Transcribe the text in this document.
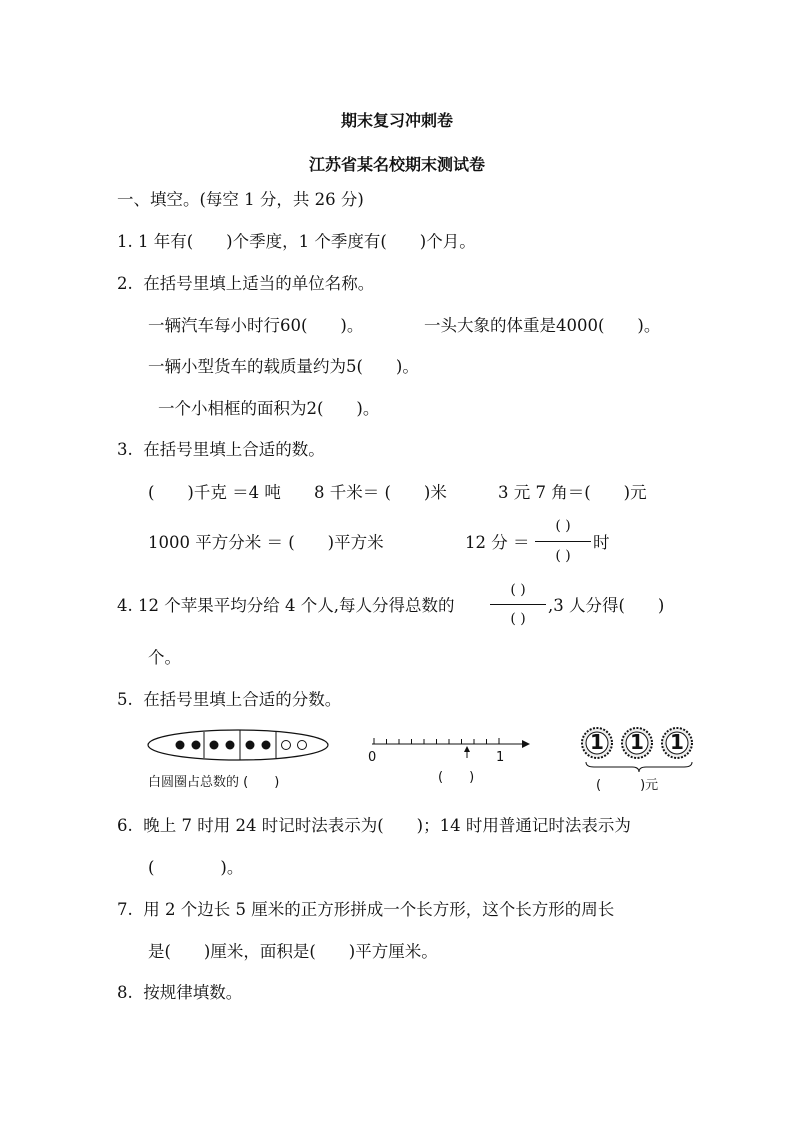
期末复习冲刺卷
江苏省某名校期末测试卷
一、填空。(每空 1 分，共 26 分)
1. 1 年有(　　)个季度，1 个季度有(　　)个月。
2.  在括号里填上适当的单位名称。
一辆汽车每小时行60(　　)。	一头大象的体重是4000(　　)。
一辆小型货车的载质量约为5(　　)。
一个小相框的面积为2(　　)。
3.  在括号里填上合适的数。
(　　)千克 ＝4 吨 8 千米＝ (　　)米	3 元 7 角＝(　　)元
1000 平方分米 ＝ (　　)平方米	12 分 ＝
( )
( )
时
4. 12 个苹果平均分给 4 个人,每人分得总数的
( )
( )
,3 人分得(　　)
个。
5.  在括号里填上合适的分数。
白圆圈占总数的 (　　)
0	1
(　　)
1 1 1
(　　　)元
6.  晚上 7 时用 24 时记时法表示为(　　)；14 时用普通记时法表示为
(　　　　)。
7.  用 2 个边长 5 厘米的正方形拼成一个长方形，这个长方形的周长
是(　　)厘米，面积是(　　)平方厘米。
8.  按规律填数。
